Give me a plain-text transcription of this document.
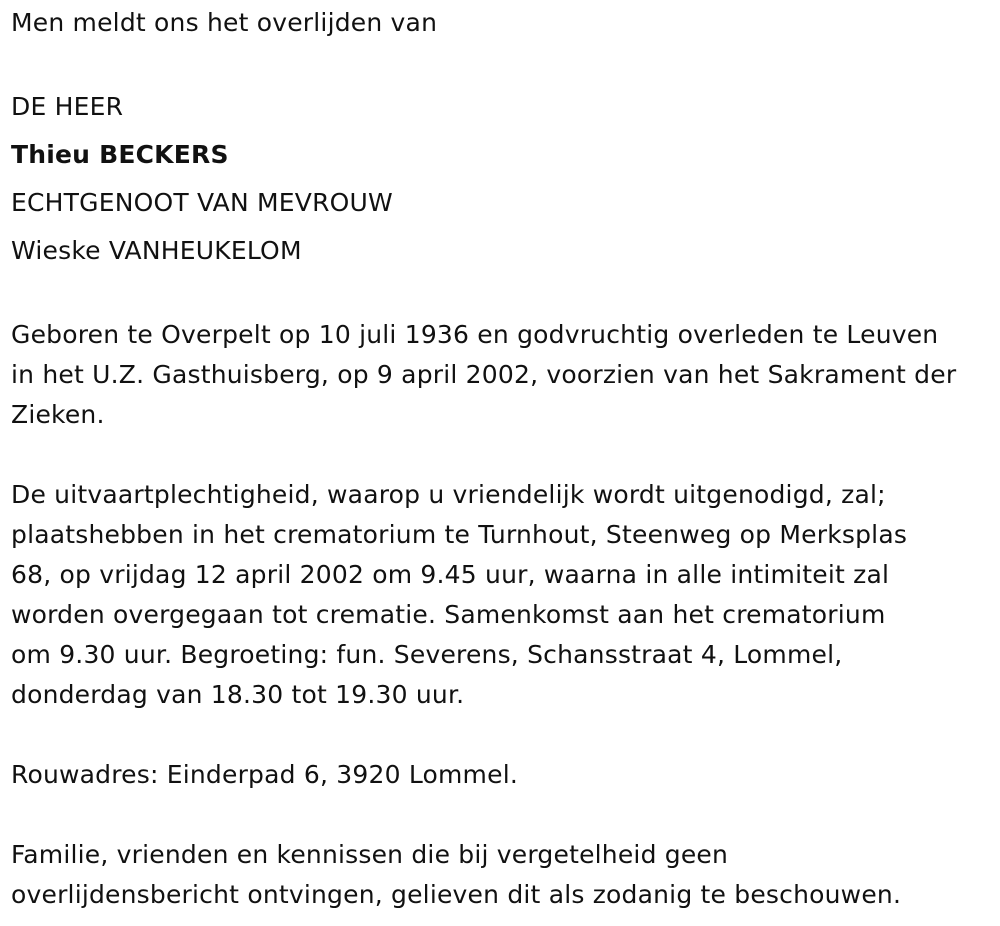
Men meldt ons het overlijden van

DE HEER

Thieu BECKERS

ECHTGENOOT VAN MEVROUW

Wieske VANHEUKELOM

Geboren te Overpelt op 10 juli 1936 en godvruchtig overleden te Leuven

in het U.Z. Gasthuisberg, op 9 april 2002, voorzien van het Sakrament der

Zieken.

De uitvaartplechtigheid, waarop u vriendelijk wordt uitgenodigd, zal;

plaatshebben in het crematorium te Turnhout, Steenweg op Merksplas

68, op vrijdag 12 april 2002 om 9.45 uur, waarna in alle intimiteit zal

worden overgegaan tot crematie. Samenkomst aan het crematorium

om 9.30 uur. Begroeting: fun. Severens, Schansstraat 4, Lommel,

donderdag van 18.30 tot 19.30 uur.

Rouwadres: Einderpad 6, 3920 Lommel.

Familie, vrienden en kennissen die bij vergetelheid geen

overlijdensbericht ontvingen, gelieven dit als zodanig te beschouwen.
